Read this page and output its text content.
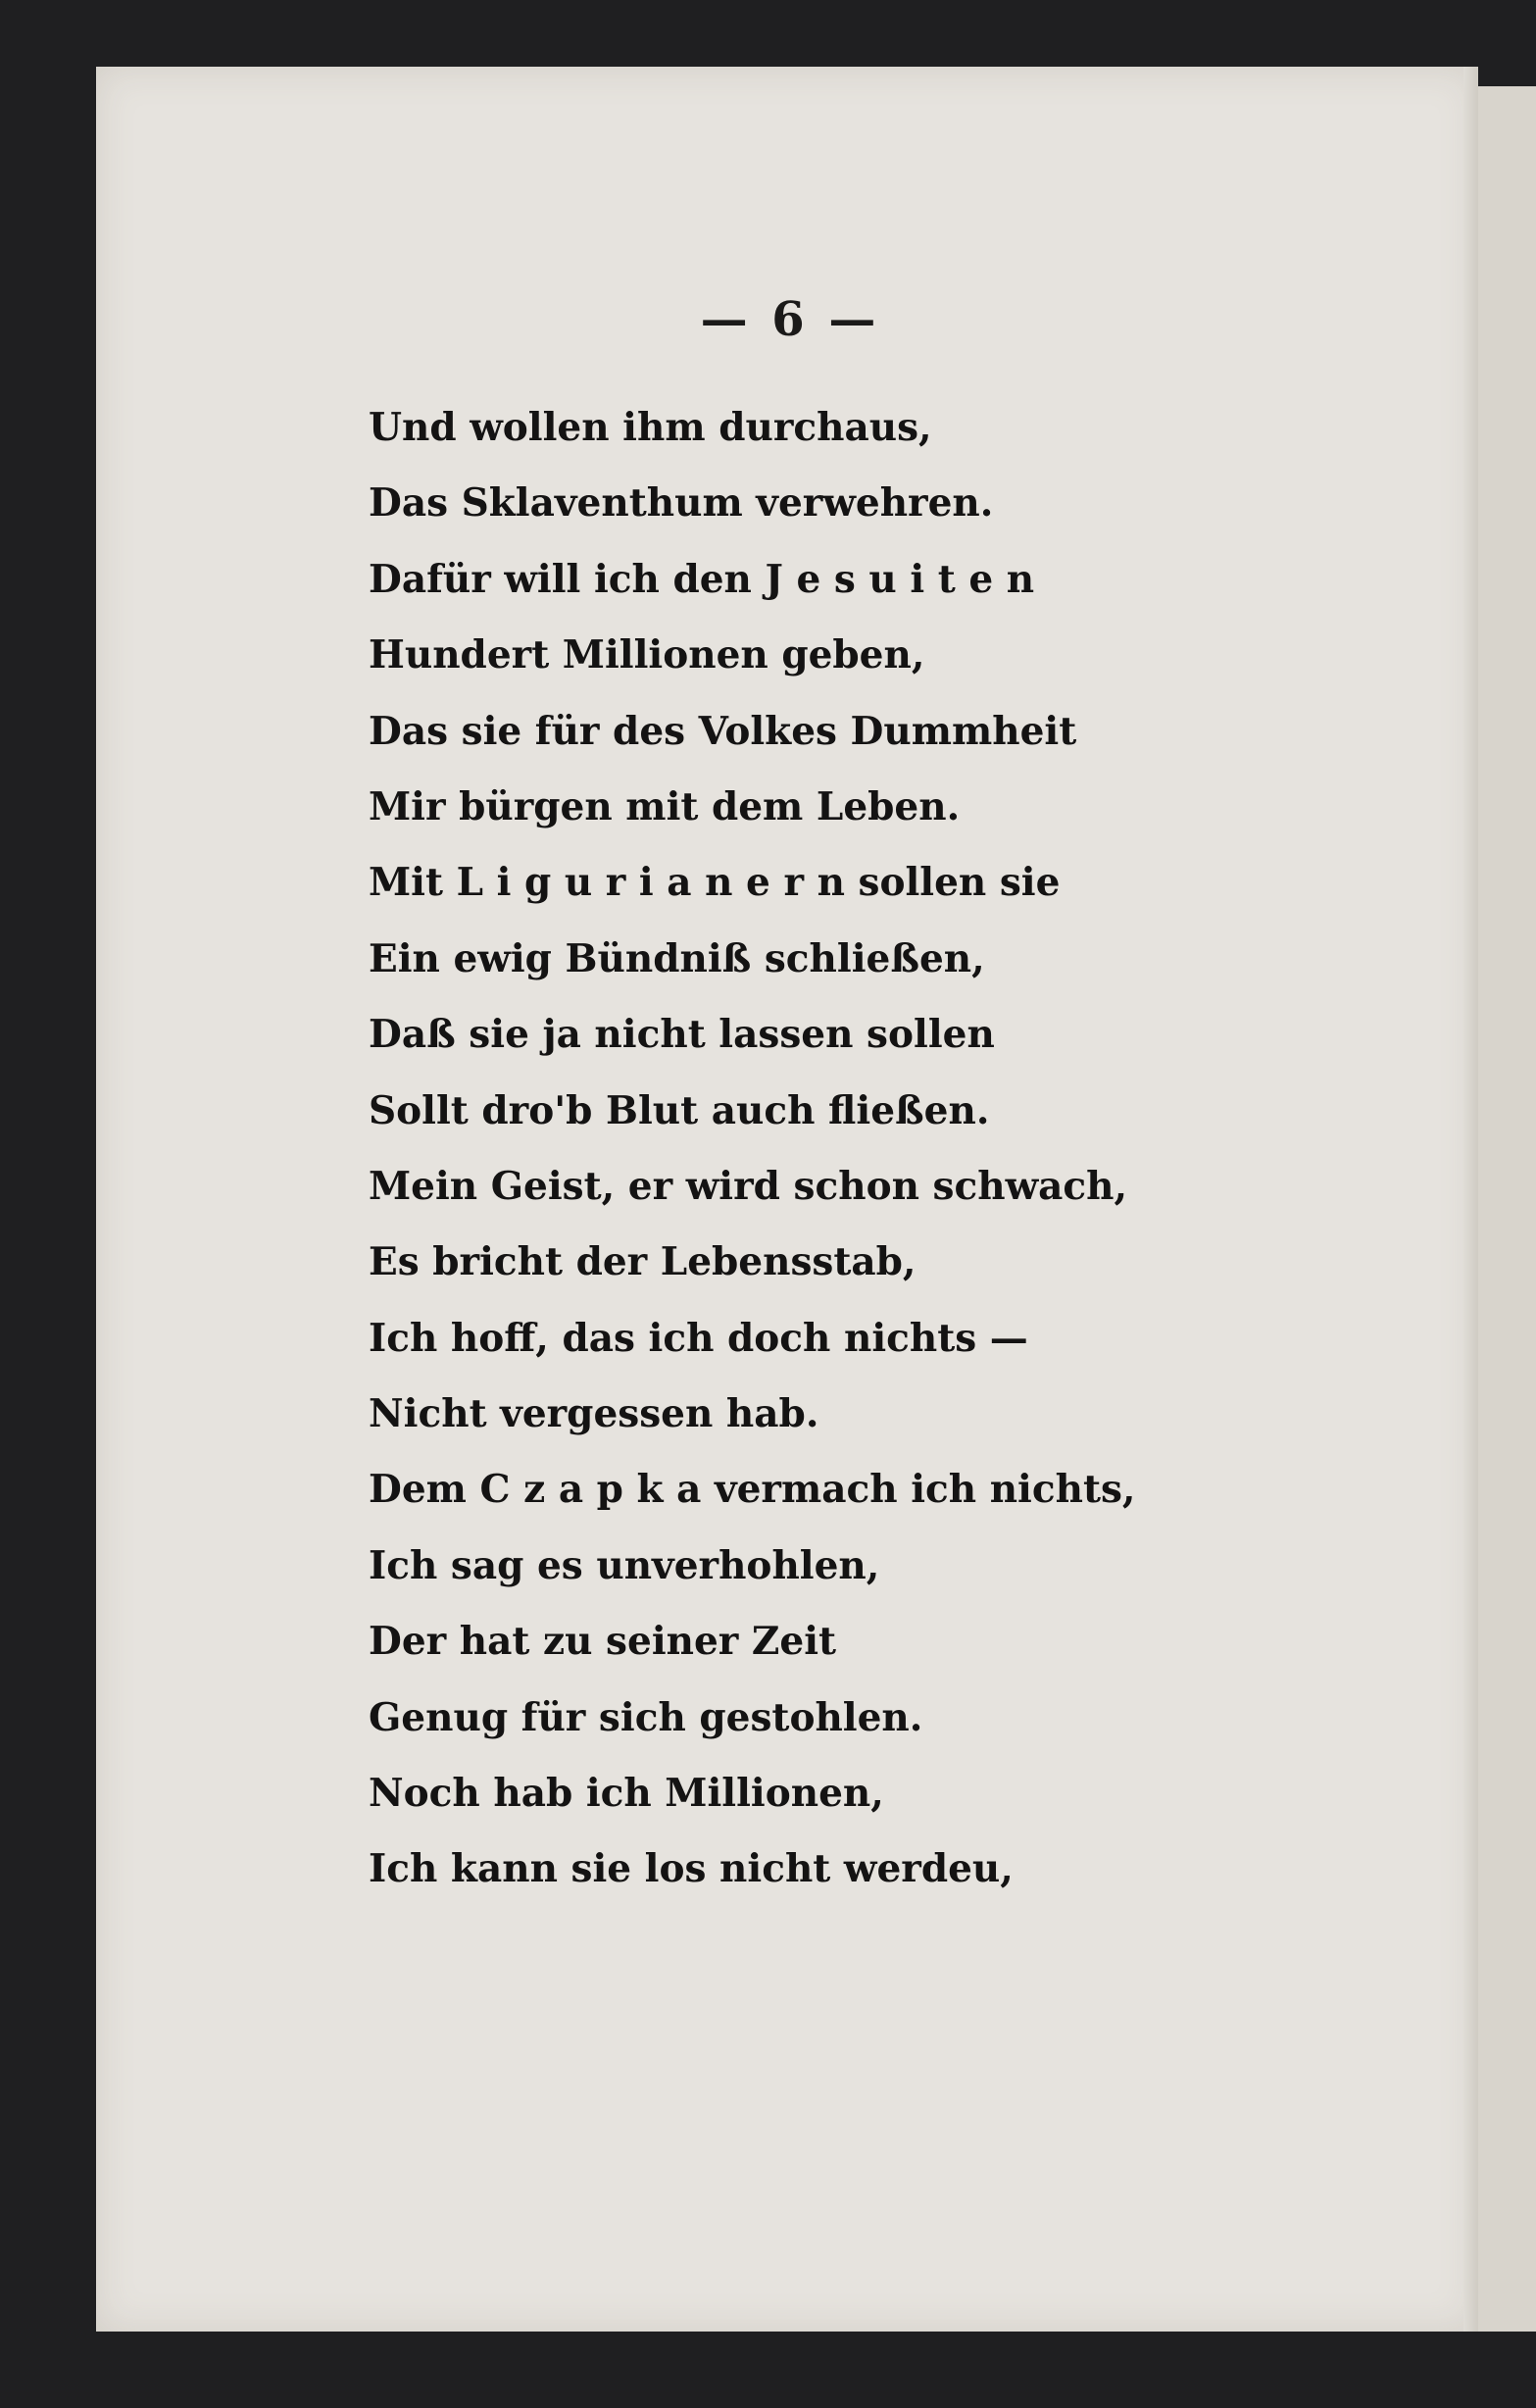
— 6 —
Und wollen ihm durchaus,
Das Sklaventhum verwehren.
Dafür will ich den J e s u i t e n
Hundert Millionen geben,
Das sie für des Volkes Dummheit
Mir bürgen mit dem Leben.
Mit L i g u r i a n e r n sollen sie
Ein ewig Bündniß schließen,
Daß sie ja nicht lassen sollen
Sollt dro'b Blut auch fließen.
Mein Geist, er wird schon schwach,
Es bricht der Lebensstab,
Ich hoff, das ich doch nichts —
Nicht vergessen hab.
Dem C z a p k a vermach ich nichts,
Ich sag es unverhohlen,
Der hat zu seiner Zeit
Genug für sich gestohlen.
Noch hab ich Millionen,
Ich kann sie los nicht werdeu,
